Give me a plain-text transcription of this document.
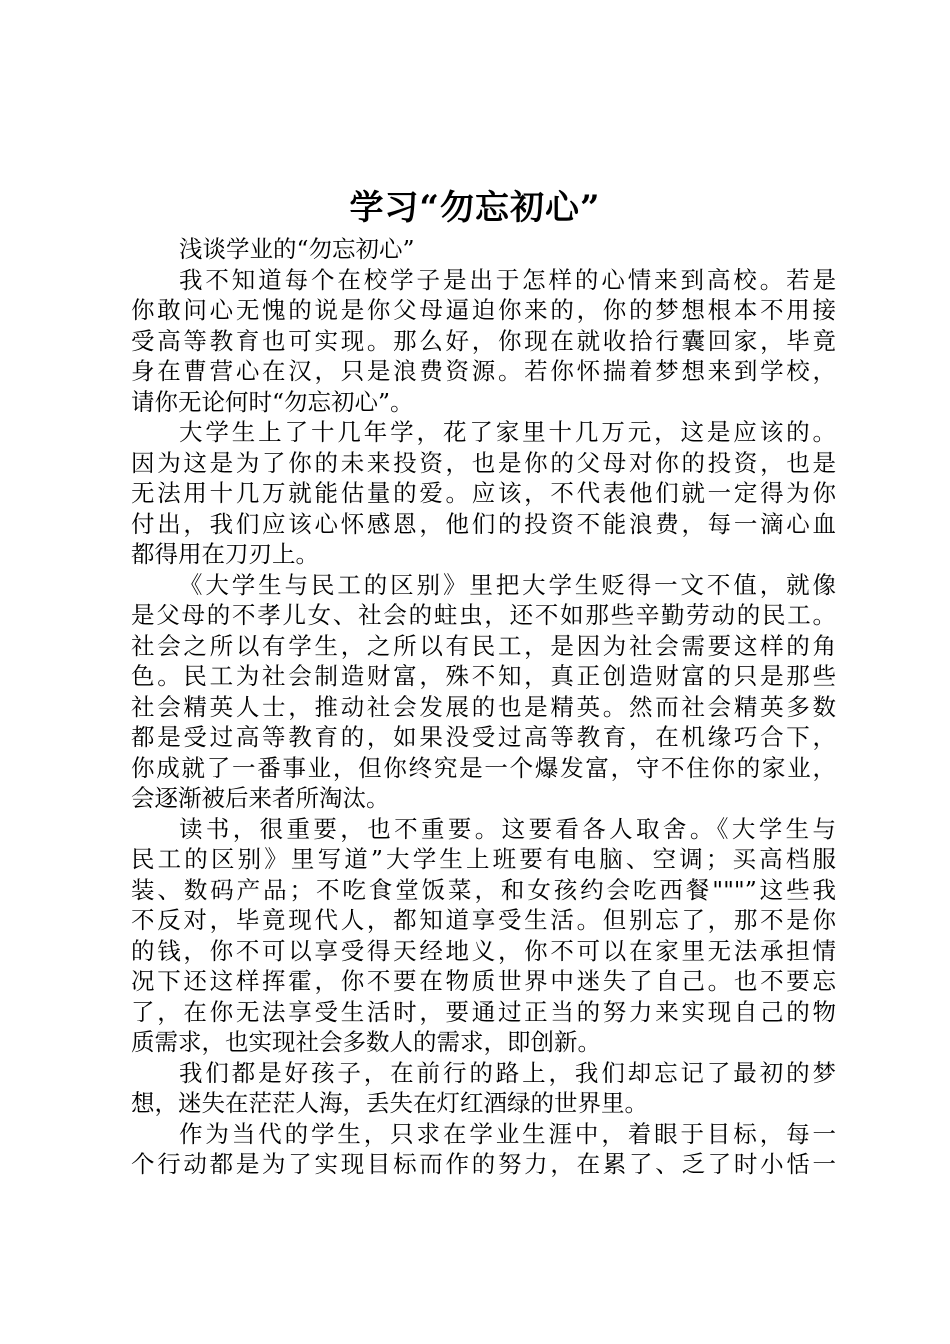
学习“勿忘初心”
浅谈学业的“勿忘初心”
我不知道每个在校学子是出于怎样的心情来到高校。若是
你敢问心无愧的说是你父母逼迫你来的，你的梦想根本不用接
受高等教育也可实现。那么好，你现在就收拾行囊回家，毕竟
身在曹营心在汉，只是浪费资源。若你怀揣着梦想来到学校，
请你无论何时“勿忘初心”。
大学生上了十几年学，花了家里十几万元，这是应该的。
因为这是为了你的未来投资，也是你的父母对你的投资，也是
无法用十几万就能估量的爱。应该，不代表他们就一定得为你
付出，我们应该心怀感恩，他们的投资不能浪费，每一滴心血
都得用在刀刃上。
《大学生与民工的区别》里把大学生贬得一文不值，就像
是父母的不孝儿女、社会的蛀虫，还不如那些辛勤劳动的民工。
社会之所以有学生，之所以有民工，是因为社会需要这样的角
色。民工为社会制造财富，殊不知，真正创造财富的只是那些
社会精英人士，推动社会发展的也是精英。然而社会精英多数
都是受过高等教育的，如果没受过高等教育，在机缘巧合下，
你成就了一番事业，但你终究是一个爆发富，守不住你的家业，
会逐渐被后来者所淘汰。
读书，很重要，也不重要。这要看各人取舍。《大学生与
民工的区别》里写道”大学生上班要有电脑、空调；买高档服
装、数码产品；不吃食堂饭菜，和女孩约会吃西餐"""”这些我
不反对，毕竟现代人，都知道享受生活。但别忘了，那不是你
的钱，你不可以享受得天经地义，你不可以在家里无法承担情
况下还这样挥霍，你不要在物质世界中迷失了自己。也不要忘
了，在你无法享受生活时，要通过正当的努力来实现自己的物
质需求，也实现社会多数人的需求，即创新。
我们都是好孩子，在前行的路上，我们却忘记了最初的梦
想，迷失在茫茫人海，丢失在灯红酒绿的世界里。
作为当代的学生，只求在学业生涯中，着眼于目标，每一
个行动都是为了实现目标而作的努力，在累了、乏了时小恬一
